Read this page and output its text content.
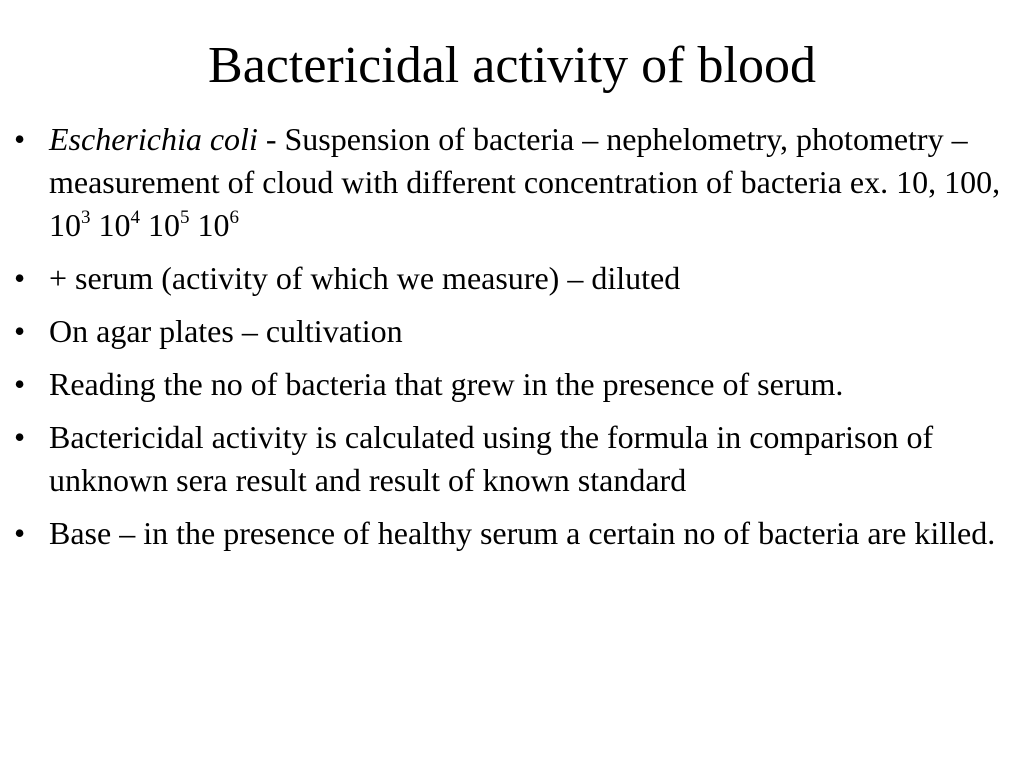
Bactericidal activity of blood
• Escherichia coli - Suspension of bacteria – nephelometry, photometry – measurement of cloud with different concentration of bacteria ex. 10, 100, $10^3$ $10^4$ $10^5$ $10^6$
• + serum (activity of which we measure) – diluted
• On agar plates – cultivation
• Reading the no of bacteria that grew in the presence of serum.
• Bactericidal activity is calculated using the formula in comparison of unknown sera result and result of known standard
• Base – in the presence of healthy serum a certain no of bacteria are killed.
